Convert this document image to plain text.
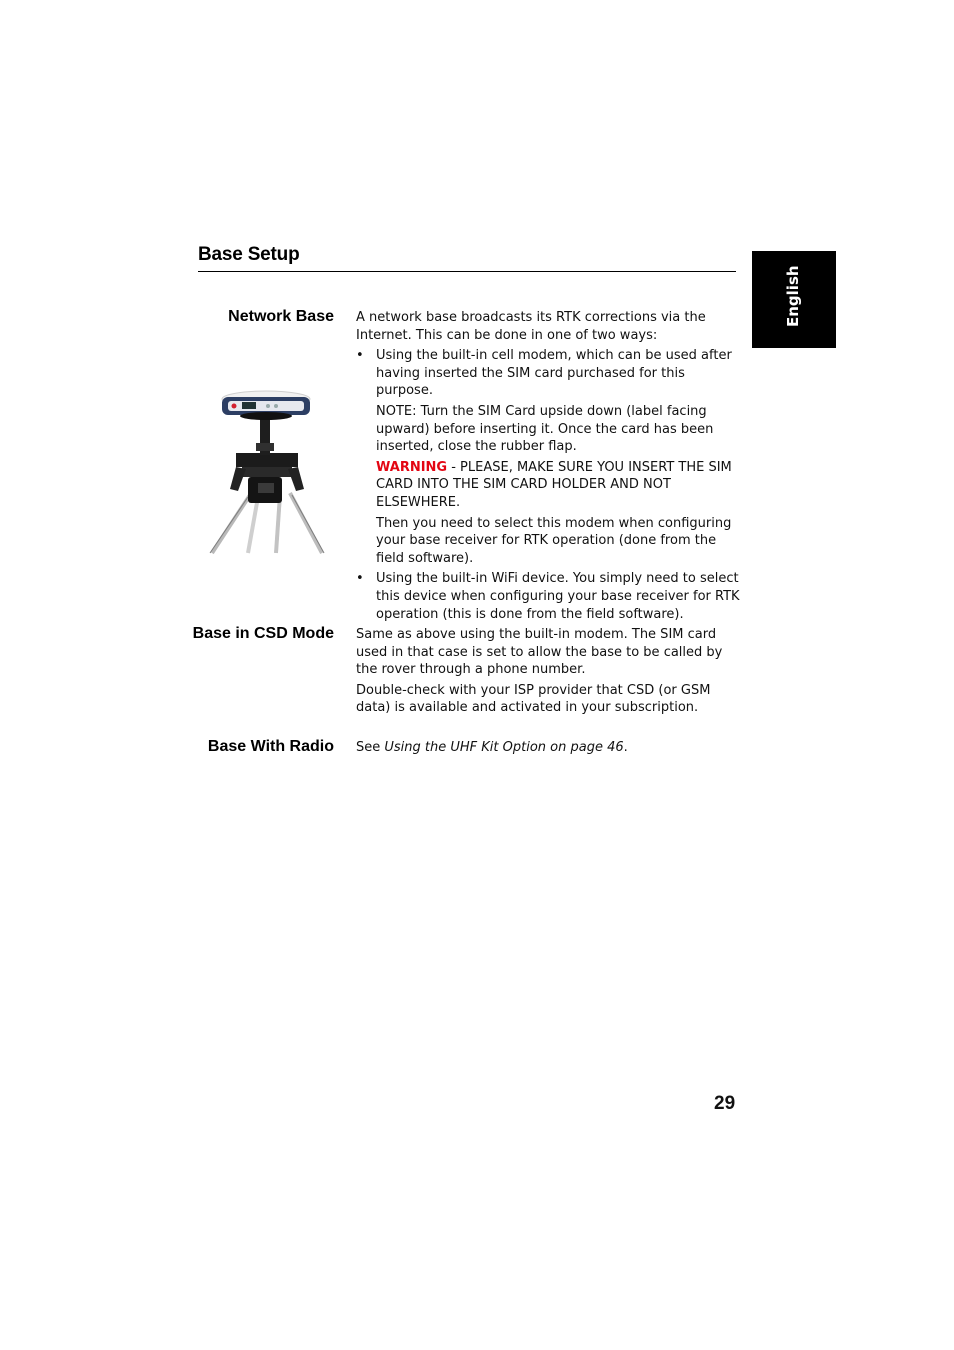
Base Setup
English
Network Base A network base broadcasts its RTK corrections via the Internet. This can be done in one of two ways:

• Using the built-in cell modem, which can be used after having inserted the SIM card purchased for this purpose.

NOTE: Turn the SIM Card upside down (label facing upward) before inserting it. Once the card has been inserted, close the rubber flap.

WARNING - PLEASE, MAKE SURE YOU INSERT THE SIM CARD INTO THE SIM CARD HOLDER AND NOT ELSEWHERE.

Then you need to select this modem when configuring your base receiver for RTK operation (done from the field software).

• Using the built-in WiFi device. You simply need to select this device when configuring your base receiver for RTK operation (this is done from the field software).

Base in CSD Mode Same as above using the built-in modem. The SIM card used in that case is set to allow the base to be called by the rover through a phone number.

Double-check with your ISP provider that CSD (or GSM data) is available and activated in your subscription.

Base With Radio See Using the UHF Kit Option on page 46.

29
